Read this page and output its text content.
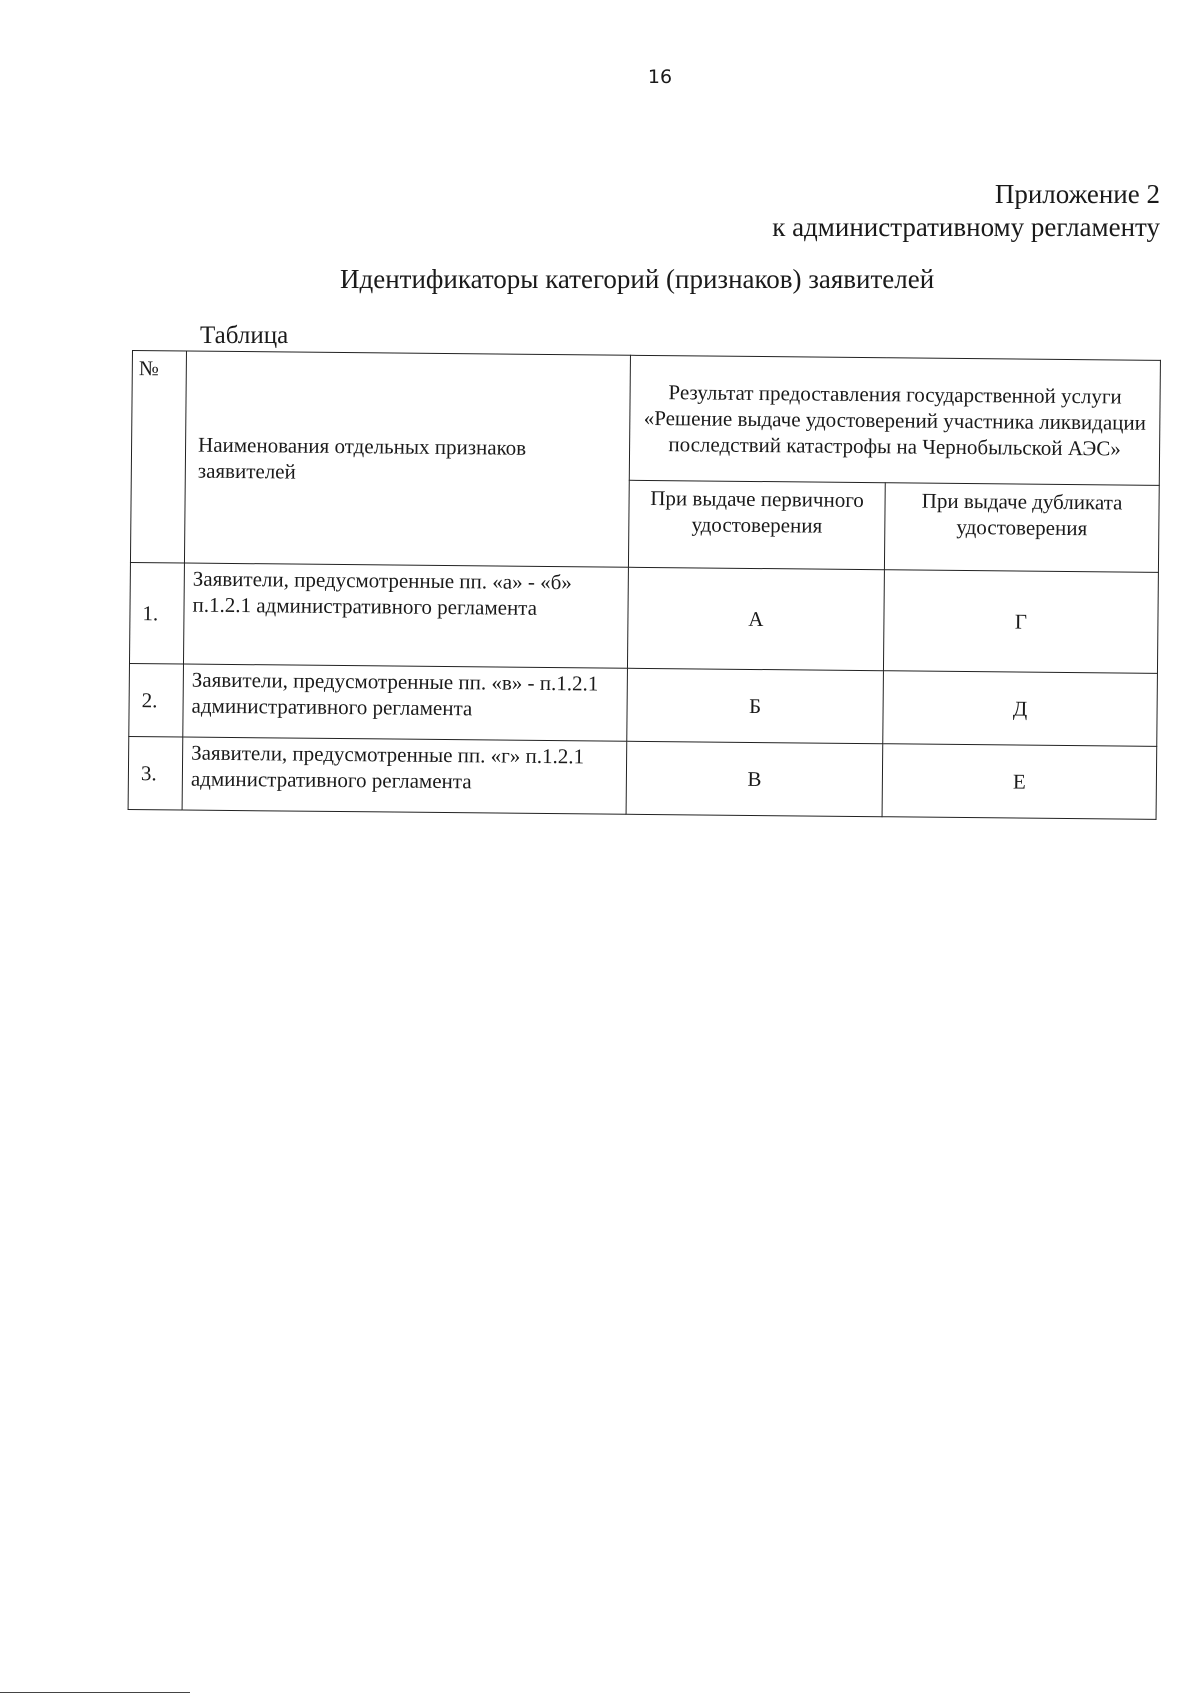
16
Приложение 2
к административному регламенту
Идентификаторы категорий (признаков) заявителей
Таблица
№	Наименования отдельных признаков заявителей	Результат предоставления государственной услуги «Решение выдаче удостоверений участника ликвидации последствий катастрофы на Чернобыльской АЭС»	
		При выдаче первичного удостоверения	При выдаче дубликата удостоверения
1.	Заявители, предусмотренные пп. «а» - «б» п.1.2.1 административного регламента	А	Г
2.	Заявители, предусмотренные пп. «в» - п.1.2.1 административного регламента	Б	Д
3.	Заявители, предусмотренные пп. «г» п.1.2.1 административного регламента	В	Е
